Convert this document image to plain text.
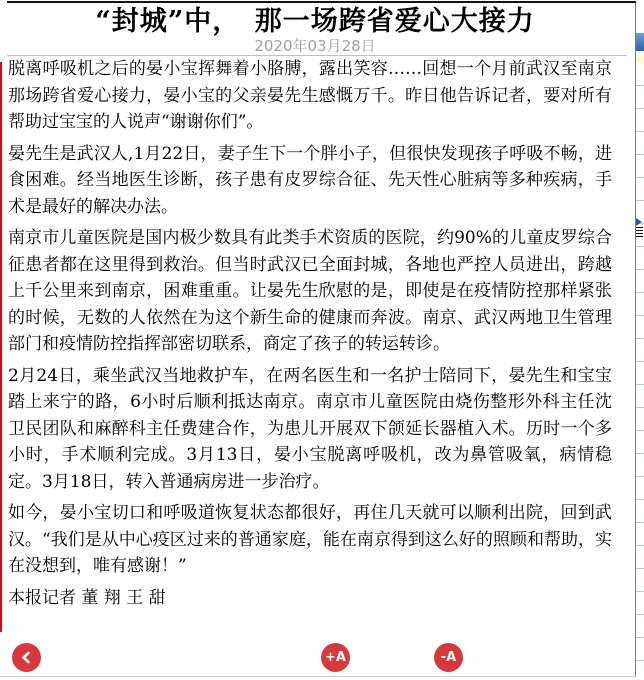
“封城”中，　那一场跨省爱心大接力
2020年03月28日

脱离呼吸机之后的晏小宝挥舞着小胳膊，露出笑容……回想一个月前武汉至南京那场跨省爱心接力，晏小宝的父亲晏先生感慨万千。昨日他告诉记者，要对所有帮助过宝宝的人说声“谢谢你们”。

晏先生是武汉人,1月22日，妻子生下一个胖小子，但很快发现孩子呼吸不畅，进食困难。经当地医生诊断，孩子患有皮罗综合征、先天性心脏病等多种疾病，手术是最好的解决办法。

南京市儿童医院是国内极少数具有此类手术资质的医院，约90%的儿童皮罗综合征患者都在这里得到救治。但当时武汉已全面封城，各地也严控人员进出，跨越上千公里来到南京，困难重重。让晏先生欣慰的是，即使是在疫情防控那样紧张的时候，无数的人依然在为这个新生命的健康而奔波。南京、武汉两地卫生管理部门和疫情防控指挥部密切联系，商定了孩子的转运转诊。

2月24日，乘坐武汉当地救护车，在两名医生和一名护士陪同下，晏先生和宝宝踏上来宁的路，6小时后顺利抵达南京。南京市儿童医院由烧伤整形外科主任沈卫民团队和麻醉科主任费建合作，为患儿开展双下颌延长器植入术。历时一个多小时，手术顺利完成。3月13日，晏小宝脱离呼吸机，改为鼻管吸氧，病情稳定。3月18日，转入普通病房进一步治疗。

如今，晏小宝切口和呼吸道恢复状态都很好，再住几天就可以顺利出院，回到武汉。“我们是从中心疫区过来的普通家庭，能在南京得到这么好的照顾和帮助，实在没想到，唯有感谢！”

本报记者 董 翔 王 甜

+A	-A
